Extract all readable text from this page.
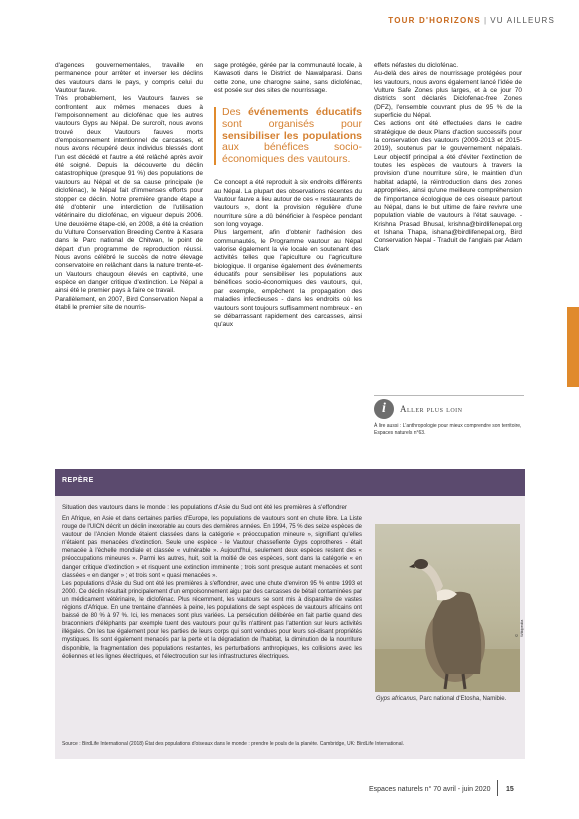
TOUR D'HORIZONS | VU AILLEURS

d'agences gouvernementales, travaille en permanence pour arrêter et inverser les déclins des vautours dans le pays, y compris celui du Vautour fauve.

Très probablement, les Vautours fauves se confrontent aux mêmes menaces dues à l'empoisonnement au diclofénac que les autres vautours Gyps au Népal. De surcroît, nous avons trouvé deux Vautours fauves morts d'empoisonnement intentionnel de carcasses, et nous avons récupéré deux individus blessés dont l'un est décédé et l'autre a été relâché après avoir été soigné. Depuis la découverte du déclin catastrophique (presque 91 %) des populations de vautours au Népal et de sa cause principale (le diclofénac), le Népal fait d'immenses efforts pour stopper ce déclin. Notre première grande étape a été d'obtenir une interdiction de l'utilisation vétérinaire du diclofénac, en vigueur depuis 2006. Une deuxième étape-clé, en 2008, a été la création du Vulture Conservation Breeding Centre à Kasara dans le Parc national de Chitwan, le point de départ d'un programme de reproduction réussi. Nous avons célébré le succès de notre élevage conservatoire en relâchant dans la nature trente-et-un Vautours chaugoun élevés en captivité, une espèce en danger critique d'extinction. Le Népal a ainsi été le premier pays à faire ce travail.

Parallèlement, en 2007, Bird Conservation Nepal a établi le premier site de nourris-

sage protégée, gérée par la communauté locale, à Kawasoti dans le District de Nawalparasi. Dans cette zone, une charogne saine, sans diclofénac, est posée sur des sites de nourrissage.

Des événements éducatifs sont organisés pour sensibiliser les populations aux bénéfices socio-économiques des vautours.

Ce concept a été reproduit à six endroits différents au Népal. La plupart des observations récentes du Vautour fauve a lieu autour de ces « restaurants de vautours », dont la provision régulière d'une nourriture sûre a dû bénéficier à l'espèce pendant son long voyage.

Plus largement, afin d'obtenir l'adhésion des communautés, le Programme vautour au Népal valorise également la vie locale en soutenant des activités telles que l'apiculture ou l'agriculture biologique. Il organise également des événements éducatifs pour sensibiliser les populations aux bénéfices socio-économiques des vautours, qui, par exemple, empêchent la propagation des maladies infectieuses - dans les endroits où les vautours sont toujours suffisamment nombreux - en se débarrassant rapidement des carcasses, ainsi qu'aux

effets néfastes du diclofénac.

Au-delà des aires de nourrissage protégées pour les vautours, nous avons également lancé l'idée de Vulture Safe Zones plus larges, et à ce jour 70 districts sont déclarés Diclofenac-free Zones (DFZ), l'ensemble couvrant plus de 95 % de la superficie du Népal.

Ces actions ont été effectuées dans le cadre stratégique de deux Plans d'action successifs pour la conservation des vautours (2009-2013 et 2015-2019), soutenus par le gouvernement népalais. Leur objectif principal a été d'éviter l'extinction de toutes les espèces de vautours à travers la provision d'une nourriture sûre, le maintien d'un habitat adapté, la réintroduction dans des zones appropriées, ainsi qu'une meilleure compréhension de l'importance écologique de ces oiseaux partout au Népal, dans le but ultime de faire revivre une population viable de vautours à l'état sauvage. - Krishna Prasad Bhusal, krishna@birdlifenepal.org et Ishana Thapa, ishana@birdlifenepal.org, Bird Conservation Nepal - Traduit de l'anglais par Adam Clark

i	Aller plus loin
À lire aussi : L'anthropologie pour mieux comprendre son territoire, Espaces naturels n°63.
REPÈRE
Situation des vautours dans le monde : les populations d'Asie du Sud ont été les premières à s'effondrer

En Afrique, en Asie et dans certaines parties d'Europe, les populations de vautours sont en chute libre. La Liste rouge de l'UICN décrit un déclin inexorable au cours des dernières années. En 1994, 75 % des seize espèces de vautour de l'Ancien Monde étaient classées dans la catégorie « préoccupation mineure », signifiant qu'elles n'étaient pas menacées d'extinction. Seule une espèce - le Vautour chassefiente Gyps coprotheres - était menacée à l'échelle mondiale et classée « vulnérable ». Aujourd'hui, seulement deux espèces restent des « préoccupations mineures ». Parmi les autres, huit, soit la moitié de ces espèces, sont dans la catégorie « en danger critique d'extinction » et risquent une extinction imminente ; trois sont presque autant menacées et sont classées « en danger » ; et trois sont « quasi menacées ».

Les populations d'Asie du Sud ont été les premières à s'effondrer, avec une chute d'environ 95 % entre 1993 et 2000. Ce déclin résultait principalement d'un empoisonnement aigu par des carcasses de bétail contaminées par un médicament vétérinaire, le diclofénac. Plus récemment, les vautours se sont mis à disparaître de vastes régions d'Afrique. En une trentaine d'années à peine, les populations de sept espèces de vautours africains ont baissé de 80 % à 97 %. Ici, les menaces sont plus variées. La persécution délibérée en fait partie quand des braconniers d'éléphants par exemple tuent des vautours pour qu'ils n'attirent pas l'attention sur leurs activités illégales. On les tue également pour les parties de leurs corps qui sont vendues pour leurs soi-disant propriétés mystiques. Ils sont également menacés par la perte et la dégradation de l'habitat, la diminution de la nourriture disponible, la fragmentation des populations restantes, les perturbations anthropiques, les collisions avec les éoliennes et les lignes électriques, et l'électrocution sur les infrastructures électriques.

© Wikipedia
Gyps africanus, Parc national d'Etosha, Namibie.
Source : BirdLife International (2018) État des populations d'oiseaux dans le monde : prendre le pouls de la planète. Cambridge, UK: BirdLife International.
Espaces naturels n° 70 avril - juin 2020 15
